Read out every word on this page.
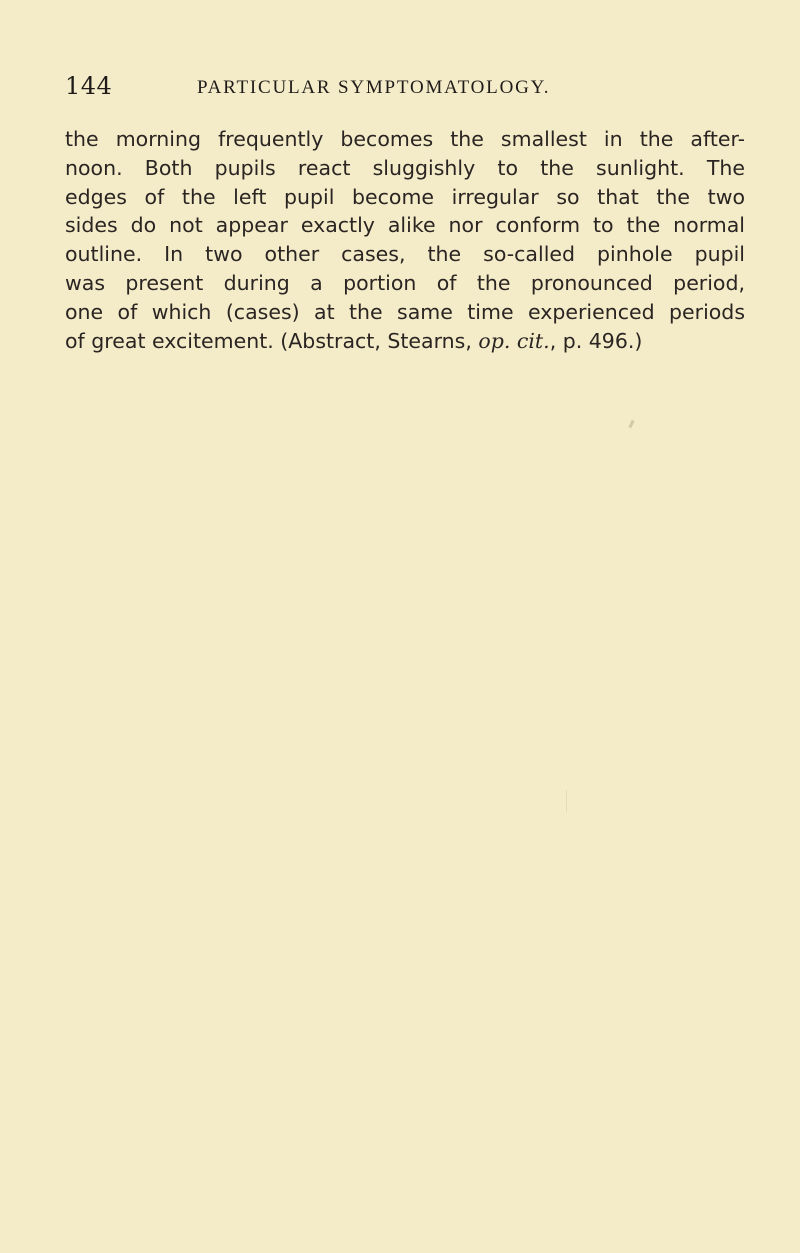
144	PARTICULAR SYMPTOMATOLOGY.
the morning frequently becomes the smallest in the after-
noon. Both pupils react sluggishly to the sunlight. The
edges of the left pupil become irregular so that the two
sides do not appear exactly alike nor conform to the normal
outline. In two other cases, the so-called pinhole pupil
was present during a portion of the pronounced period,
one of which (cases) at the same time experienced periods
of great excitement. (Abstract, Stearns, op. cit., p. 496.)
